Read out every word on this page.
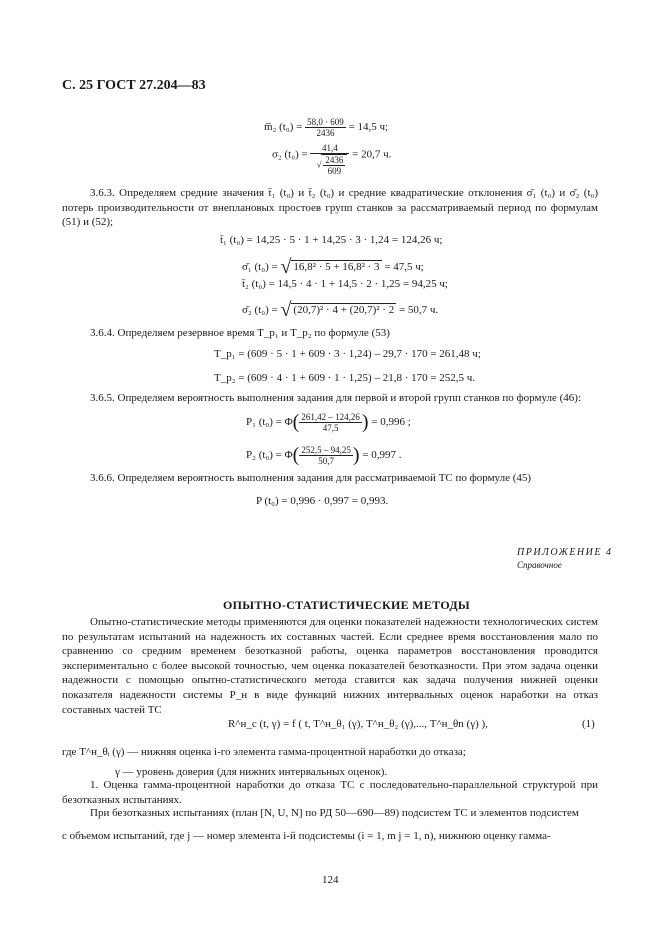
С. 25 ГОСТ 27.204—83
m̅₂ $(t_0) = \frac{58,0 \cdot 609}{2436} = 14,5$ ч;
σ₂ $(t_0) = \frac{41,4}{√ \frac{2436}{609}} = 20,7$ ч.
3.6.3. Определяем средние значения t̄₁ (t₀) и t̄₂ (t₀) и средние квадратические отклонения σ̄₁ (t₀) и σ̄₂ (t₀) потерь производительности от внеплановых простоев групп станков за рассматриваемый период по формулам (51) и (52);
t̄₁ (t₀) = 14,25 · 5 · 1 + 14,25 · 3 · 1,24 = 124,26 ч;
σ̄₁ (t₀) = √ 16,8² · 5 + 16,8² · 3 = 47,5 ч;
t̄₂ (t₀) = 14,5 · 4 · 1 + 14,5 · 2 · 1,25 = 94,25 ч;
σ̄₂ (t₀) = √ (20,7)² · 4 + (20,7)² · 2 = 50,7 ч.
3.6.4. Определяем резервное время T_р₁ и T_р₂ по формуле (53)
T_р₁ = (609 · 5 · 1 + 609 · 3 · 1,24) – 29,7 · 170 = 261,48 ч;
T_р₂ = (609 · 4 · 1 + 609 · 1 · 1,25) – 21,8 · 170 = 252,5 ч.
3.6.5. Определяем вероятность выполнения задания для первой и второй групп станков по формуле (46):
P₁ $(t_0) = \Phi( \frac{261,42 - 124,26}{47,5}$ ) = 0,996 ;
P₂ $(t_0) = \Phi( \frac{252,5 - 94,25}{50,7}$ ) = 0,997 .
3.6.6. Определяем вероятность выполнения задания для рассматриваемой ТС по формуле (45)
P (t₀) = 0,996 · 0,997 = 0,993.
ПРИЛОЖЕНИЕ 4
Справочное
ОПЫТНО-СТАТИСТИЧЕСКИЕ МЕТОДЫ
Опытно-статистические методы применяются для оценки показателей надежности технологических систем по результатам испытаний на надежность их составных частей. Если среднее время восстановления мало по сравнению со средним временем безотказной работы, оценка параметров восстановления проводится экспериментально с более высокой точностью, чем оценка показателей безотказности. При этом задача оценки надежности с помощью опытно-статистического метода ставится как задача получения нижней оценки показателя надежности системы P_н в виде функций нижних интервальных оценок наработки на отказ составных частей ТС
R^н_c (t, γ) = f ( t, T^н_θ₁ (γ), T^н_θ₂ (γ),..., T^н_θn (γ) ),	(1)
где T^н_θᵢ (γ) — нижняя оценка i-го элемента гамма-процентной наработки до отказа;
γ — уровень доверия (для нижних интервальных оценок).
1. Оценка гамма-процентной наработки до отказа ТС с последовательно-параллельной структурой при безотказных испытаниях.
При безотказных испытаниях (план [N, U, N] по РД 50—690—89) подсистем ТС и элементов подсистем
с объемом испытаний, где j — номер элемента i-й подсистемы (i = 1, m j = 1, n), нижнюю оценку гамма-
124
